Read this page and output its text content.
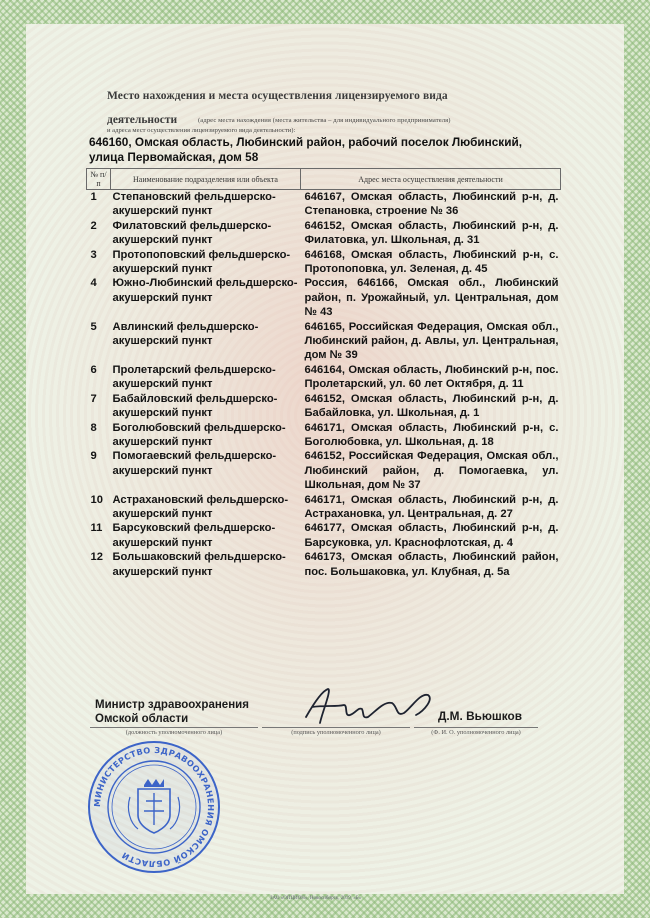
Место нахождения и места осуществления лицензируемого вида
деятельности	(адрес места нахождения (места жительства – для индивидуального предпринимателя)
и адреса мест осуществления лицензируемого вида деятельности):
646160, Омская область, Любинский район, рабочий поселок Любинский, улица Первомайская, дом 58
№ п/п	Наименование подразделения или объекта	Адрес места осуществления деятельности
1	Степановский фельдшерско-акушерский пункт	646167, Омская область, Любинский р-н, д. Степановка, строение № 36
2	Филатовский фельдшерско-акушерский пункт	646152, Омская область, Любинский р-н, д. Филатовка, ул. Школьная, д. 31
3	Протопоповский фельдшерско-акушерский пункт	646168, Омская область, Любинский р-н, с. Протопоповка, ул. Зеленая, д. 45
4	Южно-Любинский фельдшерско-акушерский пункт	Россия, 646166, Омская обл., Любинский район, п. Урожайный, ул. Центральная, дом № 43
5	Авлинский фельдшерско-акушерский пункт	646165, Российская Федерация, Омская обл., Любинский район, д. Авлы, ул. Центральная, дом № 39
6	Пролетарский фельдшерско-акушерский пункт	646164, Омская область, Любинский р-н, пос. Пролетарский, ул. 60 лет Октября, д. 11
7	Бабайловский фельдшерско-акушерский пункт	646152, Омская область, Любинский р-н, д. Бабайловка, ул. Школьная, д. 1
8	Боголюбовский фельдшерско-акушерский пункт	646171, Омская область, Любинский р-н, с. Боголюбовка, ул. Школьная, д. 18
9	Помогаевский фельдшерско-акушерский пункт	646152, Российская Федерация, Омская обл., Любинский район, д. Помогаевка, ул. Школьная, дом № 37
10	Астрахановский фельдшерско-акушерский пункт	646171, Омская область, Любинский р-н, д. Астрахановка, ул. Центральная, д. 27
11	Барсуковский фельдшерско-акушерский пункт	646177, Омская область, Любинский р-н, д. Барсуковка, ул. Краснофлотская, д. 4
12	Большаковский фельдшерско-акушерский пункт	646173, Омская область, Любинский район, пос. Большаковка, ул. Клубная, д. 5а
Министр здравоохранения
Омской области	Д.М. Вьюшков
(должность уполномоченного лица)	(подпись уполномоченного лица)	(Ф. И. О. уполномоченного лица)
МИНИСТЕРСТВО ЗДРАВООХРАНЕНИЯ ОМСКОЙ ОБЛАСТИ
ЗАО «ОПЦИОН», Новосибирск, 2019, «Б»
